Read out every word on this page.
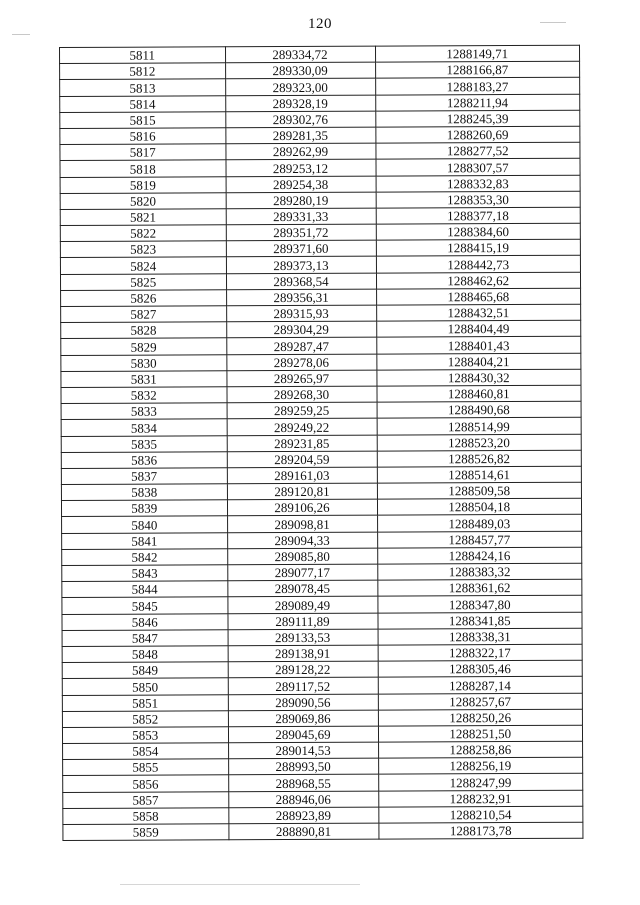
120
5811	289334,72	1288149,71
5812	289330,09	1288166,87
5813	289323,00	1288183,27
5814	289328,19	1288211,94
5815	289302,76	1288245,39
5816	289281,35	1288260,69
5817	289262,99	1288277,52
5818	289253,12	1288307,57
5819	289254,38	1288332,83
5820	289280,19	1288353,30
5821	289331,33	1288377,18
5822	289351,72	1288384,60
5823	289371,60	1288415,19
5824	289373,13	1288442,73
5825	289368,54	1288462,62
5826	289356,31	1288465,68
5827	289315,93	1288432,51
5828	289304,29	1288404,49
5829	289287,47	1288401,43
5830	289278,06	1288404,21
5831	289265,97	1288430,32
5832	289268,30	1288460,81
5833	289259,25	1288490,68
5834	289249,22	1288514,99
5835	289231,85	1288523,20
5836	289204,59	1288526,82
5837	289161,03	1288514,61
5838	289120,81	1288509,58
5839	289106,26	1288504,18
5840	289098,81	1288489,03
5841	289094,33	1288457,77
5842	289085,80	1288424,16
5843	289077,17	1288383,32
5844	289078,45	1288361,62
5845	289089,49	1288347,80
5846	289111,89	1288341,85
5847	289133,53	1288338,31
5848	289138,91	1288322,17
5849	289128,22	1288305,46
5850	289117,52	1288287,14
5851	289090,56	1288257,67
5852	289069,86	1288250,26
5853	289045,69	1288251,50
5854	289014,53	1288258,86
5855	288993,50	1288256,19
5856	288968,55	1288247,99
5857	288946,06	1288232,91
5858	288923,89	1288210,54
5859	288890,81	1288173,78
